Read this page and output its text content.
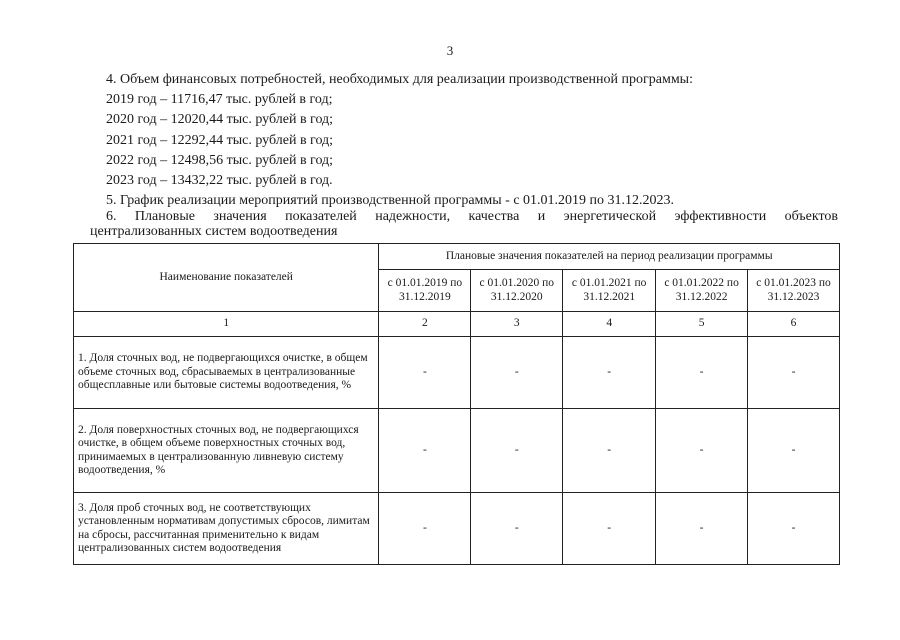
3
4. Объем финансовых потребностей, необходимых для реализации производственной программы:
2019 год – 11716,47 тыс. рублей в год;
2020 год – 12020,44 тыс. рублей в год;
2021 год – 12292,44 тыс. рублей в год;
2022 год – 12498,56 тыс. рублей в год;
2023 год – 13432,22 тыс. рублей в год.
5. График реализации мероприятий производственной программы - с 01.01.2019 по 31.12.2023.
6. Плановые значения показателей надежности, качества и энергетической эффективности объектов
централизованных систем водоотведения
Наименование показателей	Плановые значения показателей на период реализации программы				
	с 01.01.2019 по 31.12.2019	с 01.01.2020 по 31.12.2020	с 01.01.2021 по 31.12.2021	с 01.01.2022 по 31.12.2022	с 01.01.2023 по 31.12.2023
1	2	3	4	5	6
1. Доля сточных вод, не подвергающихся очистке, в общем объеме сточных вод, сбрасываемых в централизованные общесплавные или бытовые системы водоотведения, %	-	-	-	-	-
2. Доля поверхностных сточных вод, не подвергающихся очистке, в общем объеме поверхностных сточных вод, принимаемых в централизованную ливневую систему водоотведения, %	-	-	-	-	-
3. Доля проб сточных вод, не соответствующих установленным нормативам допустимых сбросов, лимитам на сбросы, рассчитанная применительно к видам централизованных систем водоотведения	-	-	-	-	-
